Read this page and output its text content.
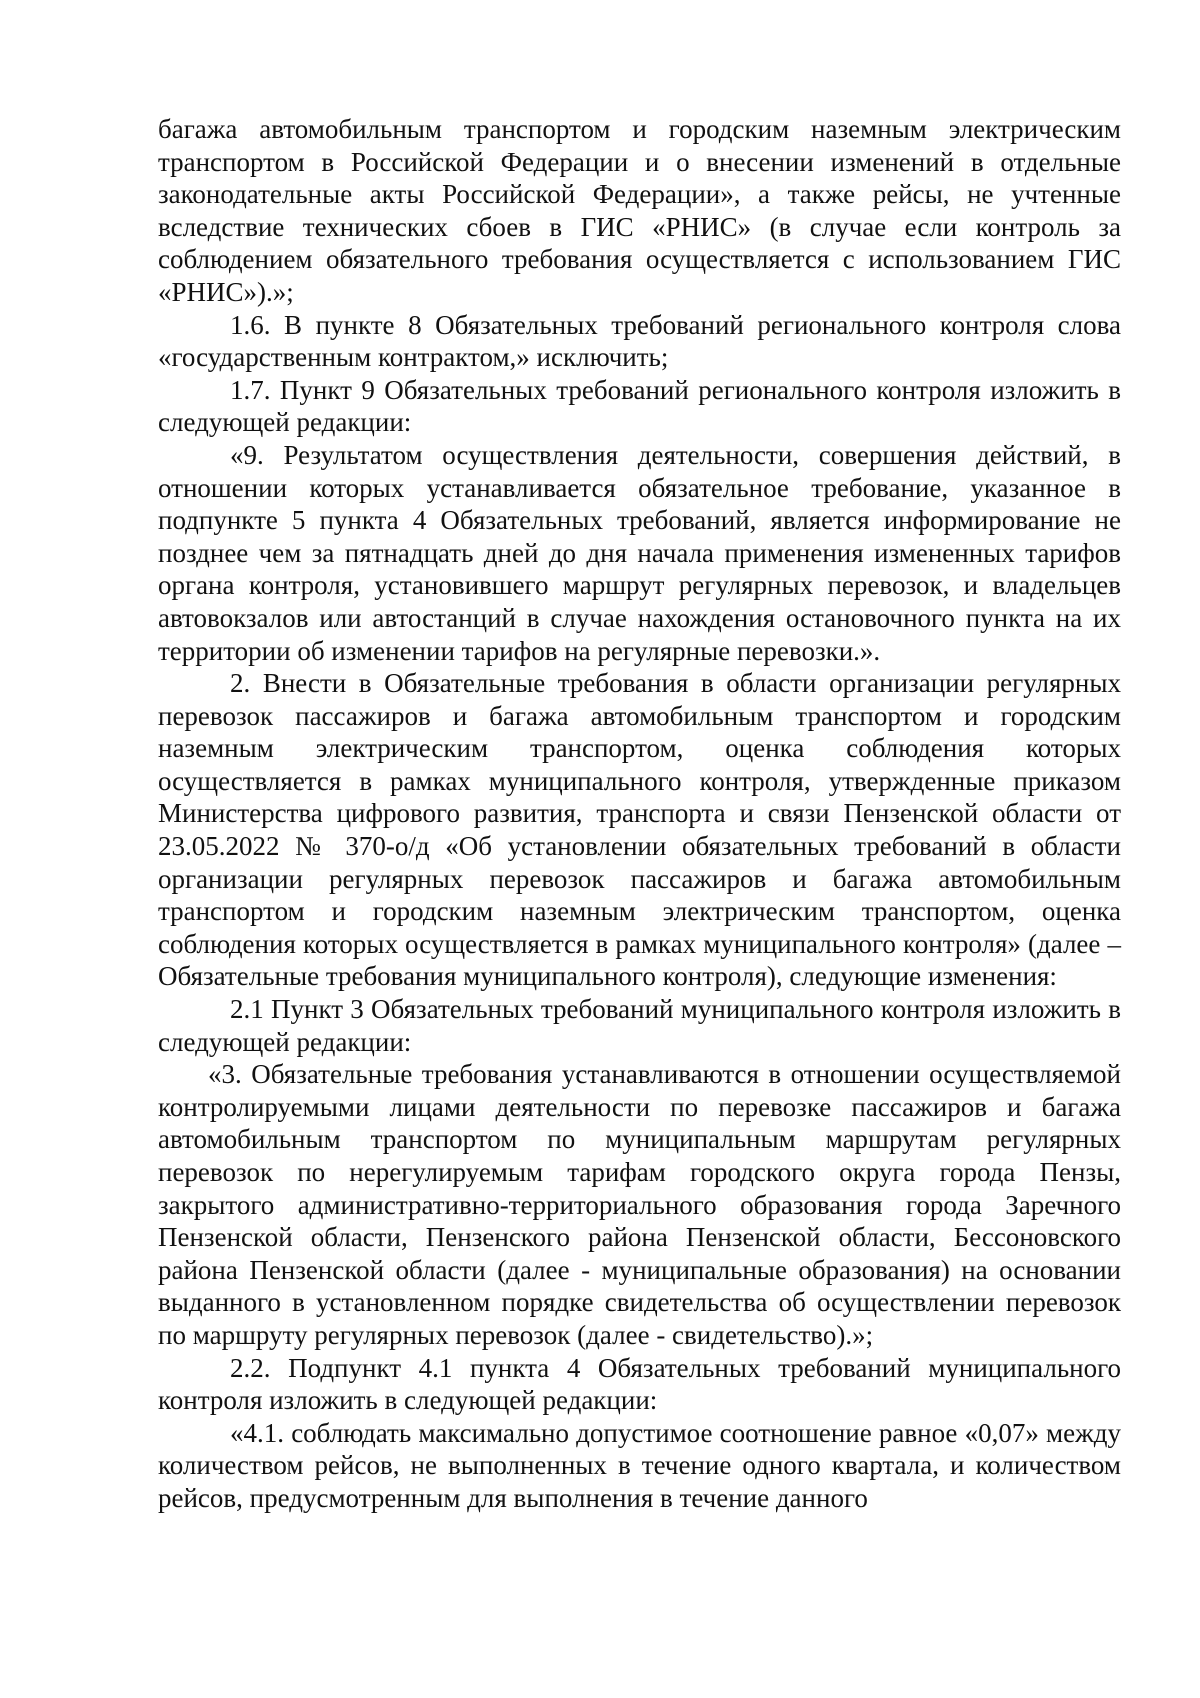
багажа автомобильным транспортом и городским наземным электрическим транспортом в Российской Федерации и о внесении изменений в отдельные законодательные акты Российской Федерации», а также рейсы, не учтенные вследствие технических сбоев в ГИС «РНИС» (в случае если контроль за соблюдением обязательного требования осуществляется с использованием ГИС «РНИС»).»;

1.6. В пункте 8 Обязательных требований регионального контроля слова «государственным контрактом,» исключить;

1.7. Пункт 9 Обязательных требований регионального контроля изложить в следующей редакции:

«9. Результатом осуществления деятельности, совершения действий, в отношении которых устанавливается обязательное требование, указанное в подпункте 5 пункта 4 Обязательных требований, является информирование не позднее чем за пятнадцать дней до дня начала применения измененных тарифов органа контроля, установившего маршрут регулярных перевозок, и владельцев автовокзалов или автостанций в случае нахождения остановочного пункта на их территории об изменении тарифов на регулярные перевозки.».

2. Внести в Обязательные требования в области организации регулярных перевозок пассажиров и багажа автомобильным транспортом и городским наземным электрическим транспортом, оценка соблюдения которых осуществляется в рамках муниципального контроля, утвержденные приказом Министерства цифрового развития, транспорта и связи Пензенской области от 23.05.2022 № 370-о/д «Об установлении обязательных требований в области организации регулярных перевозок пассажиров и багажа автомобильным транспортом и городским наземным электрическим транспортом, оценка соблюдения которых осуществляется в рамках муниципального контроля» (далее – Обязательные требования муниципального контроля), следующие изменения:

2.1 Пункт 3 Обязательных требований муниципального контроля изложить в следующей редакции:

«3. Обязательные требования устанавливаются в отношении осуществляемой контролируемыми лицами деятельности по перевозке пассажиров и багажа автомобильным транспортом по муниципальным маршрутам регулярных перевозок по нерегулируемым тарифам городского округа города Пензы, закрытого административно-территориального образования города Заречного Пензенской области, Пензенского района Пензенской области, Бессоновского района Пензенской области (далее - муниципальные образования) на основании выданного в установленном порядке свидетельства об осуществлении перевозок по маршруту регулярных перевозок (далее - свидетельство).»;

2.2. Подпункт 4.1 пункта 4 Обязательных требований муниципального контроля изложить в следующей редакции:

«4.1. соблюдать максимально допустимое соотношение равное «0,07» между количеством рейсов, не выполненных в течение одного квартала, и количеством рейсов, предусмотренным для выполнения в течение данного
